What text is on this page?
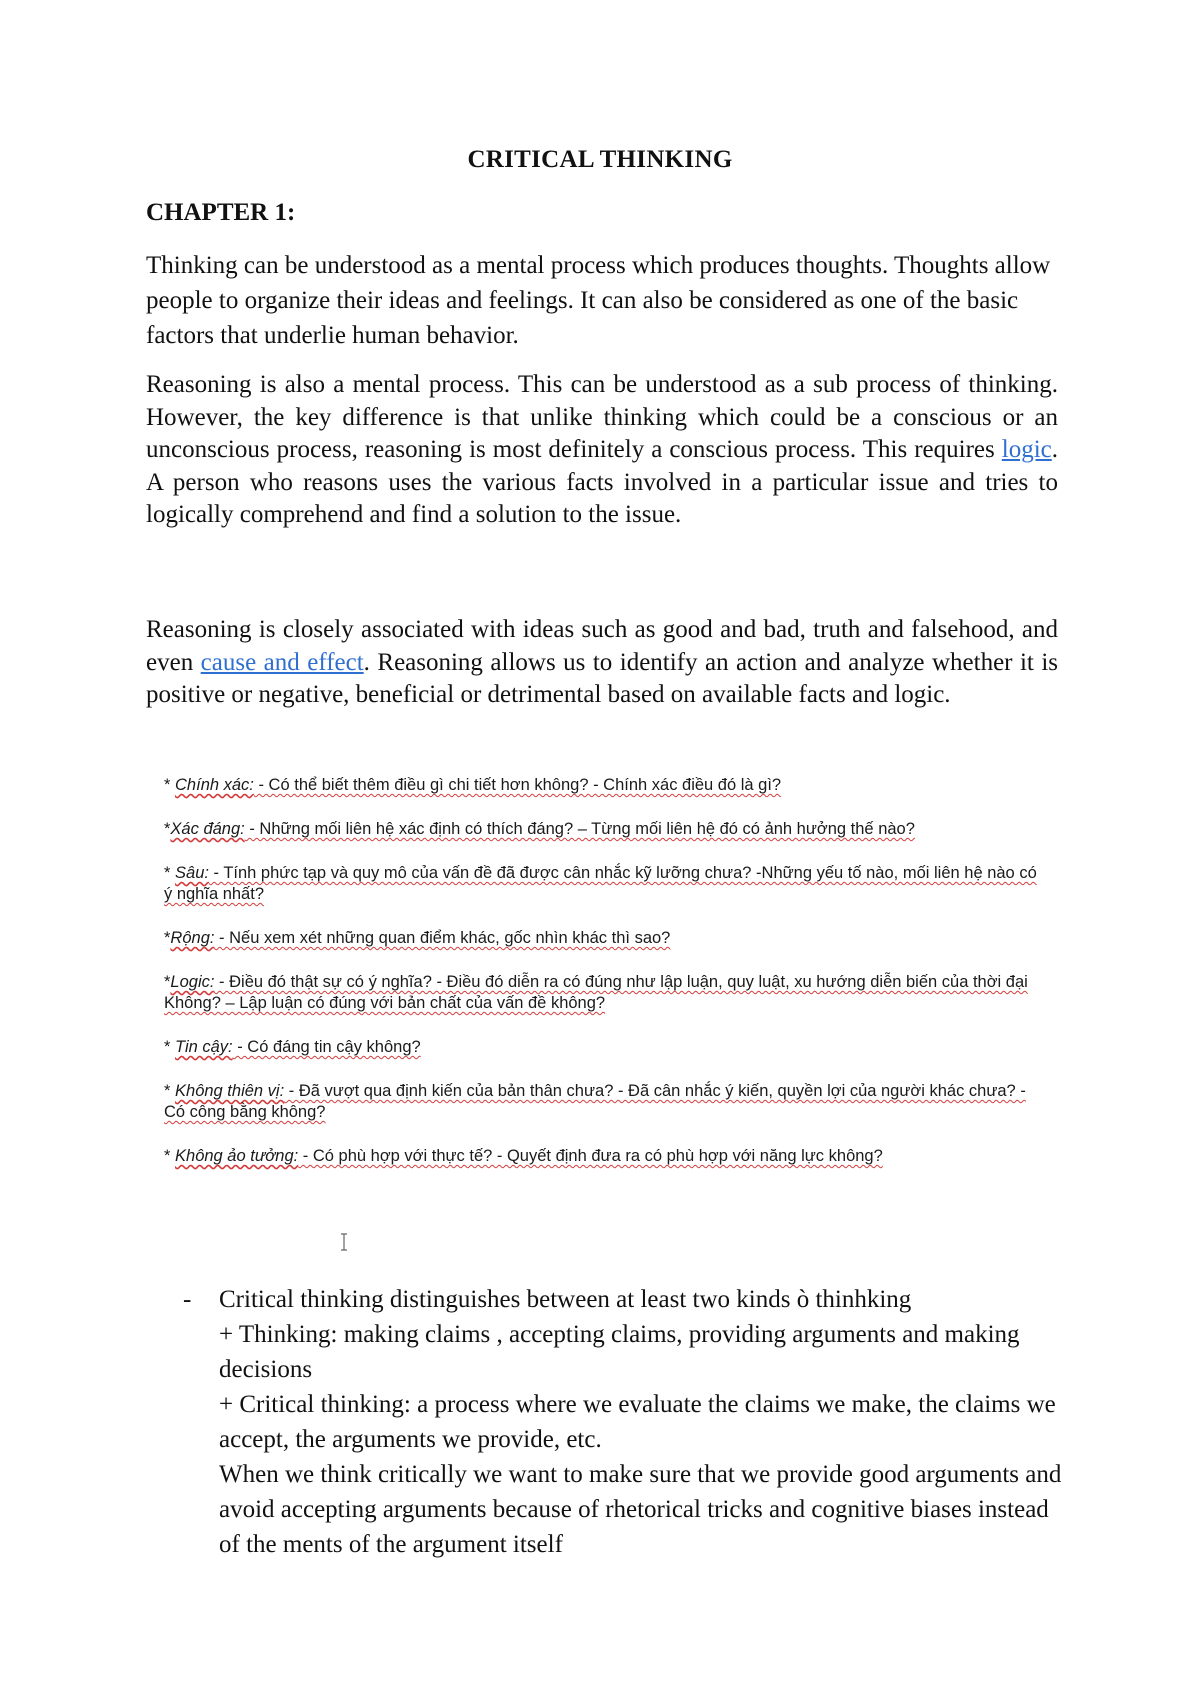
CRITICAL THINKING
CHAPTER 1:

Thinking can be understood as a mental process which produces thoughts. Thoughts allow people to organize their ideas and feelings. It can also be considered as one of the basic factors that underlie human behavior.

Reasoning is also a mental process. This can be understood as a sub process of thinking. However, the key difference is that unlike thinking which could be a conscious or an unconscious process, reasoning is most definitely a conscious process. This requires logic. A person who reasons uses the various facts involved in a particular issue and tries to logically comprehend and find a solution to the issue.

Reasoning is closely associated with ideas such as good and bad, truth and falsehood, and even cause and effect. Reasoning allows us to identify an action and analyze whether it is positive or negative, beneficial or detrimental based on available facts and logic.

* Chính xác: - Có thể biết thêm điều gì chi tiết hơn không? - Chính xác điều đó là gì?
*Xác đáng: - Những mối liên hệ xác định có thích đáng? – Từng mối liên hệ đó có ảnh hưởng thế nào?
* Sâu: - Tính phức tạp và quy mô của vấn đề đã được cân nhắc kỹ lưỡng chưa? -Những yếu tố nào, mối liên hệ nào có ý nghĩa nhất?
*Rộng: - Nếu xem xét những quan điểm khác, gốc nhìn khác thì sao?
*Logic: - Điều đó thật sự có ý nghĩa? - Điều đó diễn ra có đúng như lập luận, quy luật, xu hướng diễn biến của thời đại Không? – Lập luận có đúng với bản chất của vấn đề không?
* Tin cậy: - Có đáng tin cậy không?
* Không thiên vị: - Đã vượt qua định kiến của bản thân chưa? - Đã cân nhắc ý kiến, quyền lợi của người khác chưa? - Có công bằng không?
* Không ảo tưởng: - Có phù hợp với thực tế? - Quyết định đưa ra có phù hợp với năng lực không?
- Critical thinking distinguishes between at least two kinds ò thinhking
+ Thinking: making claims , accepting claims, providing arguments and making decisions
+ Critical thinking: a process where we evaluate the claims we make, the claims we accept, the arguments we provide, etc.
When we think critically we want to make sure that we provide good arguments and avoid accepting arguments because of rhetorical tricks and cognitive biases instead of the ments of the argument itself
